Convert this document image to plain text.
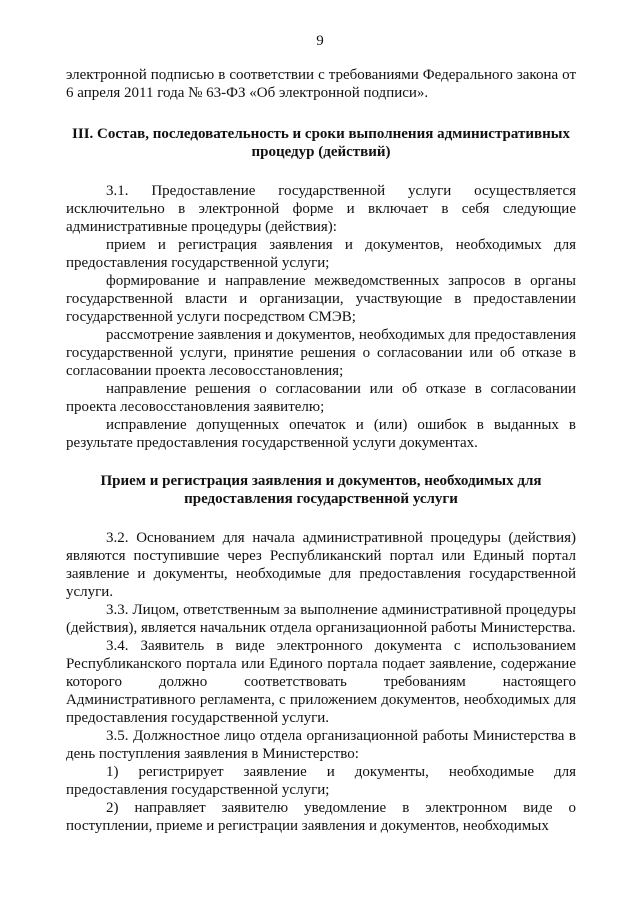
9

электронной подписью в соответствии с требованиями Федерального закона от 6 апреля 2011 года № 63-ФЗ «Об электронной подписи».

III. Состав, последовательность и сроки выполнения административных процедур (действий)

3.1. Предоставление государственной услуги осуществляется исключительно в электронной форме и включает в себя следующие административные процедуры (действия):

прием и регистрация заявления и документов, необходимых для предоставления государственной услуги;

формирование и направление межведомственных запросов в органы государственной власти и организации, участвующие в предоставлении государственной услуги посредством СМЭВ;

рассмотрение заявления и документов, необходимых для предоставления государственной услуги, принятие решения о согласовании или об отказе в согласовании проекта лесовосстановления;

направление решения о согласовании или об отказе в согласовании проекта лесовосстановления заявителю;

исправление допущенных опечаток и (или) ошибок в выданных в результате предоставления государственной услуги документах.

Прием и регистрация заявления и документов, необходимых для предоставления государственной услуги

3.2. Основанием для начала административной процедуры (действия) являются поступившие через Республиканский портал или Единый портал заявление и документы, необходимые для предоставления государственной услуги.

3.3. Лицом, ответственным за выполнение административной процедуры (действия), является начальник отдела организационной работы Министерства.

3.4. Заявитель в виде электронного документа с использованием Республиканского портала или Единого портала подает заявление, содержание которого должно соответствовать требованиям настоящего Административного регламента, с приложением документов, необходимых для предоставления государственной услуги.

3.5. Должностное лицо отдела организационной работы Министерства в день поступления заявления в Министерство:

1) регистрирует заявление и документы, необходимые для предоставления государственной услуги;

2) направляет заявителю уведомление в электронном виде о поступлении, приеме и регистрации заявления и документов, необходимых
